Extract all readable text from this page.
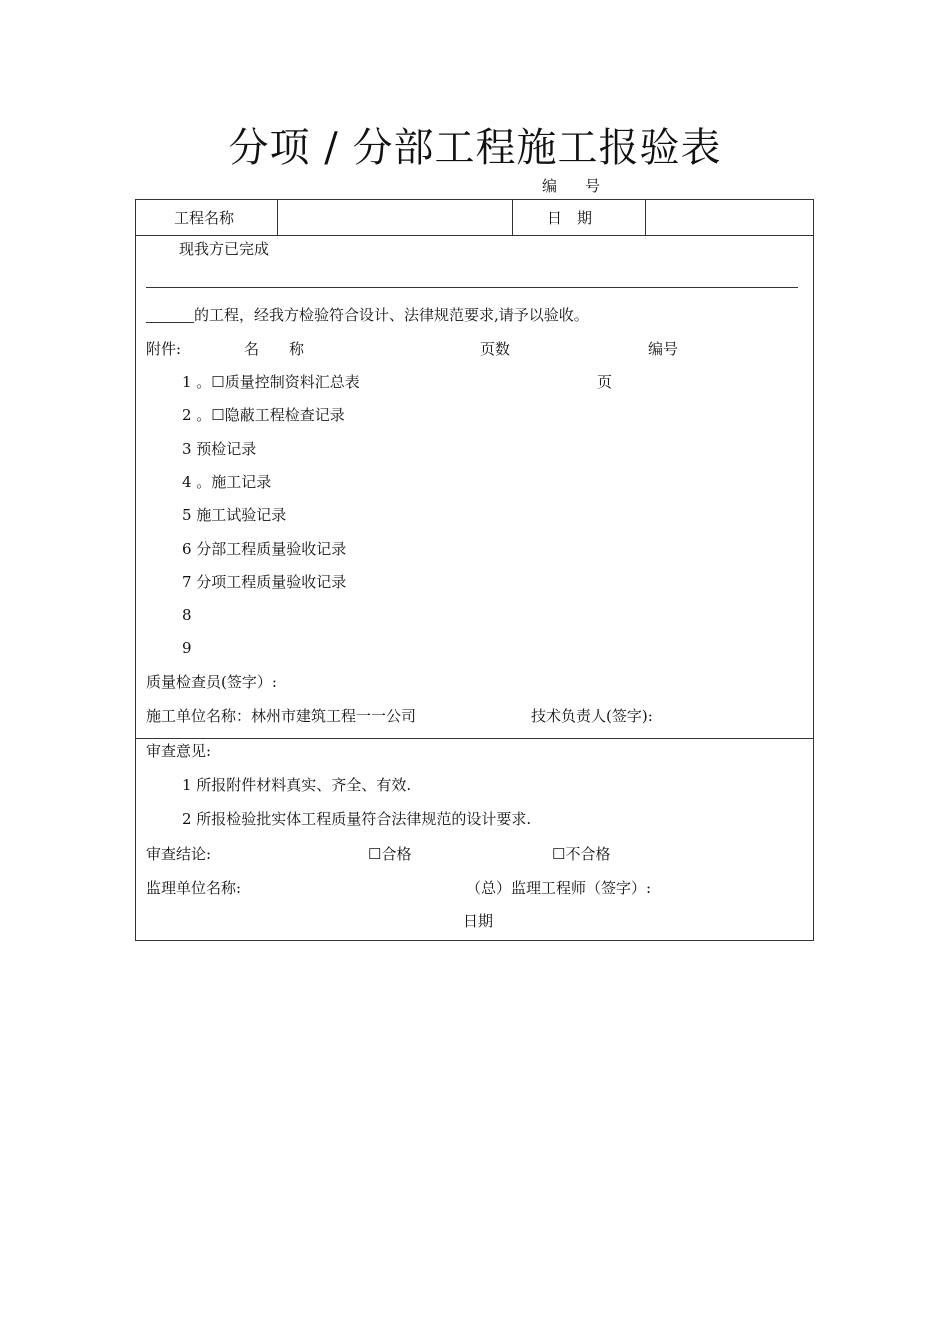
分项 / 分部工程施工报验表
编号
工程名称	日　期
现我方已完成
的工程，经我方检验符合设计、法律规范要求,请予以验收。
附件:	名　　称	页数	编号
1 。☐质量控制资料汇总表	页
2 。☐隐蔽工程检查记录
3 预检记录
4 。施工记录
5 施工试验记录
6 分部工程质量验收记录
7 分项工程质量验收记录
8
9
质量检查员(签字）:
施工单位名称：林州市建筑工程一一公司	技术负责人(签字):
审查意见:
1 所报附件材料真实、齐全、有效.
2 所报检验批实体工程质量符合法律规范的设计要求.
审查结论:	☐合格	☐不合格
监理单位名称:	（总）监理工程师（签字）:
日期
